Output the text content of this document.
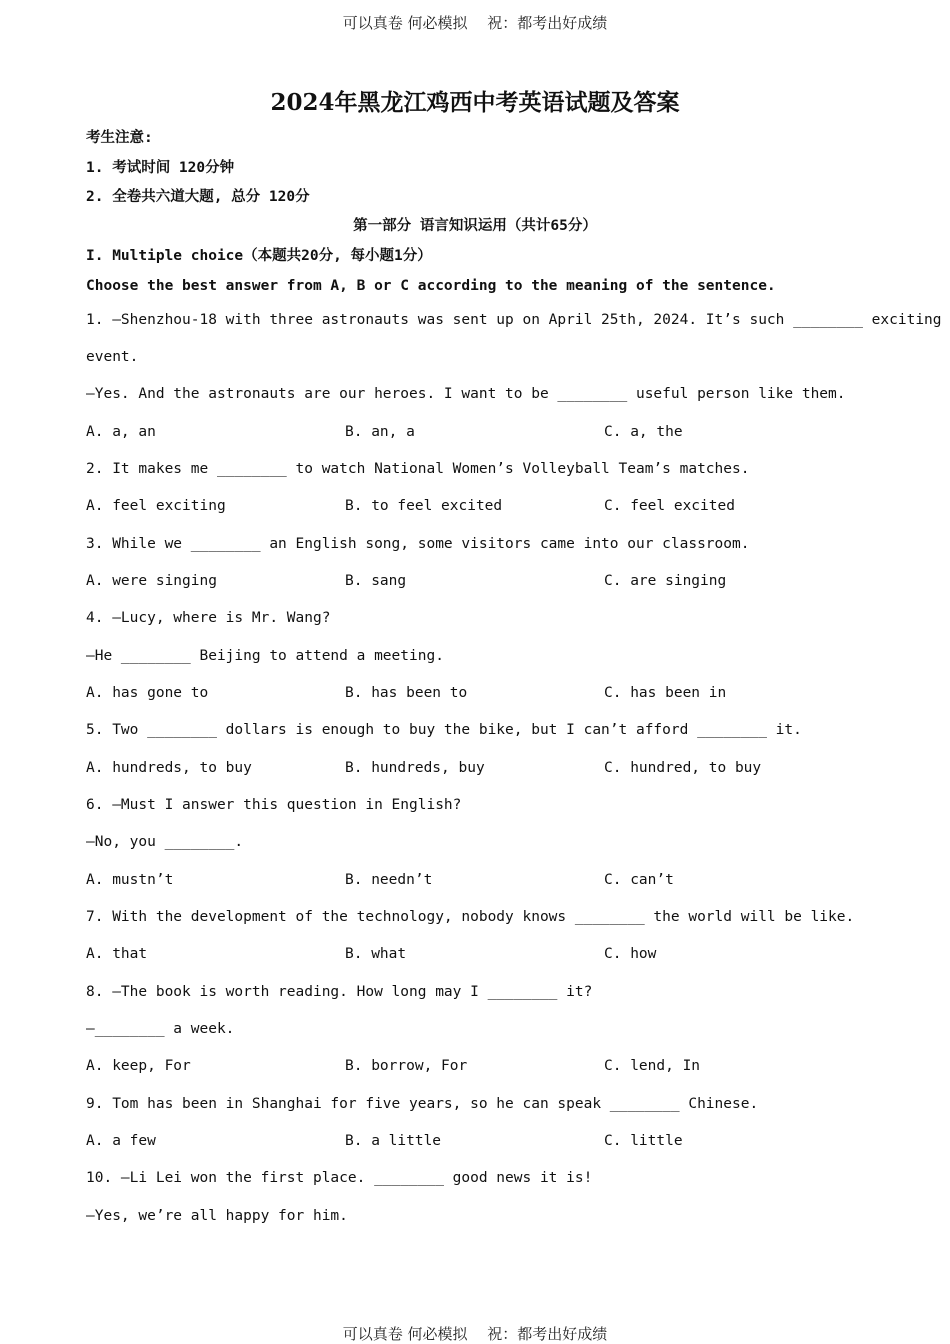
可以真卷 何必模拟　 祝：都考出好成绩
2024年黑龙江鸡西中考英语试题及答案
考生注意:
1. 考试时间 120分钟
2. 全卷共六道大题, 总分 120分
第一部分 语言知识运用（共计65分）
I. Multiple choice（本题共20分, 每小题1分）
Choose the best answer from A, B or C according to the meaning of the sentence.
1. —Shenzhou-18 with three astronauts was sent up on April 25th, 2024. It’s such ________ exciting
event.
—Yes. And the astronauts are our heroes. I want to be ________ useful person like them.
A. a, an	B. an, a	C. a, the
2. It makes me ________ to watch National Women’s Volleyball Team’s matches.
A. feel exciting	B. to feel excited	C. feel excited
3. While we ________ an English song, some visitors came into our classroom.
A. were singing	B. sang	C. are singing
4. —Lucy, where is Mr. Wang?
—He ________ Beijing to attend a meeting.
A. has gone to	B. has been to	C. has been in
5. Two ________ dollars is enough to buy the bike, but I can’t afford ________ it.
A. hundreds, to buy	B. hundreds, buy	C. hundred, to buy
6. —Must I answer this question in English?
—No, you ________.
A. mustn’t	B. needn’t	C. can’t
7. With the development of the technology, nobody knows ________ the world will be like.
A. that	B. what	C. how
8. —The book is worth reading. How long may I ________ it?
—________ a week.
A. keep, For	B. borrow, For	C. lend, In
9. Tom has been in Shanghai for five years, so he can speak ________ Chinese.
A. a few	B. a little	C. little
10. —Li Lei won the first place. ________ good news it is!
—Yes, we’re all happy for him.
可以真卷 何必模拟　 祝：都考出好成绩
